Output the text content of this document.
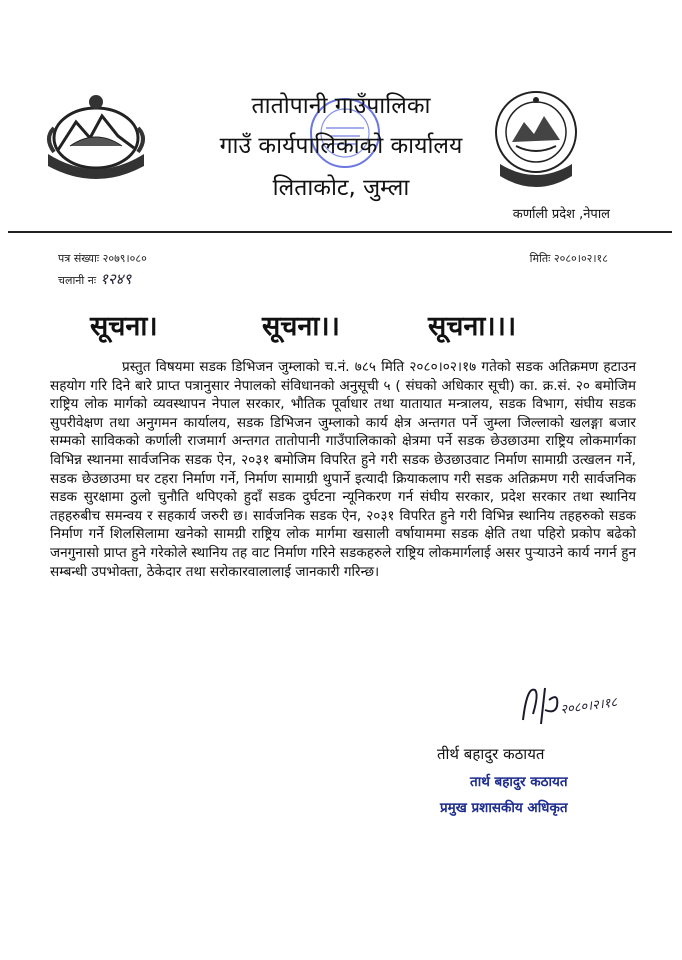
तातोपानी गाउँपालिका
गाउँ कार्यपालिकाको कार्यालय
लिताकोट, जुम्ला
कर्णाली प्रदेश ,नेपाल
पत्र संख्याः २०७९।०८०
चलानी नः १२४९
मितिः २०८०।०२।१८
सूचना।	सूचना।।	सूचना।।।

प्रस्तुत विषयमा सडक डिभिजन जुम्लाको च.नं. ७८५ मिति २०८०।०२।१७ गतेको सडक अतिक्रमण हटाउन सहयोग गरि दिने बारे प्राप्त पत्रानुसार नेपालको संविधानको अनुसूची ५ ( संघको अधिकार सूची) का. क्र.सं. २० बमोजिम राष्ट्रिय लोक मार्गको व्यवस्थापन नेपाल सरकार, भौतिक पूर्वाधार तथा यातायात मन्त्रालय, सडक विभाग, संघीय सडक सुपरीवेक्षण तथा अनुगमन कार्यालय, सडक डिभिजन जुम्लाको कार्य क्षेत्र अन्तगत पर्ने जुम्ला जिल्लाको खलङ्गा बजार सम्मको साविकको कर्णाली राजमार्ग अन्तगत तातोपानी गाउँपालिकाको क्षेत्रमा पर्ने सडक छेउछाउमा राष्ट्रिय लोकमार्गका विभिन्न स्थानमा सार्वजनिक सडक ऐन, २०३१ बमोजिम विपरित हुने गरी सडक छेउछाउवाट निर्माण सामाग्री उत्खलन गर्ने, सडक छेउछाउमा घर टहरा निर्माण गर्ने, निर्माण सामाग्री थुपार्ने इत्यादी क्रियाकलाप गरी सडक अतिक्रमण गरी सार्वजनिक सडक सुरक्षामा ठुलो चुनौति थपिएको हुदाँ सडक दुर्घटना न्यूनिकरण गर्न संघीय सरकार, प्रदेश सरकार तथा स्थानिय तहहरुबीच समन्वय र सहकार्य जरुरी छ। सार्वजनिक सडक ऐन, २०३१ विपरित हुने गरी विभिन्न स्थानिय तहहरुको सडक निर्माण गर्ने शिलसिलामा खनेको सामग्री राष्ट्रिय लोक मार्गमा खसाली वर्षायाममा सडक क्षेति तथा पहिरो प्रकोप बढेको जनगुनासो प्राप्त हुने गरेकोले स्थानिय तह वाट निर्माण गरिने सडकहरुले राष्ट्रिय लोकमार्गलाई असर पुऱ्याउने कार्य नगर्न हुन सम्बन्धी उपभोक्ता, ठेकेदार तथा सरोकारवालालाई जानकारी गरिन्छ।

२०८०।२।१८
तीर्थ बहादुर कठायत
तार्थ बहादुर कठायत
प्रमुख प्रशासकीय अधिकृत
